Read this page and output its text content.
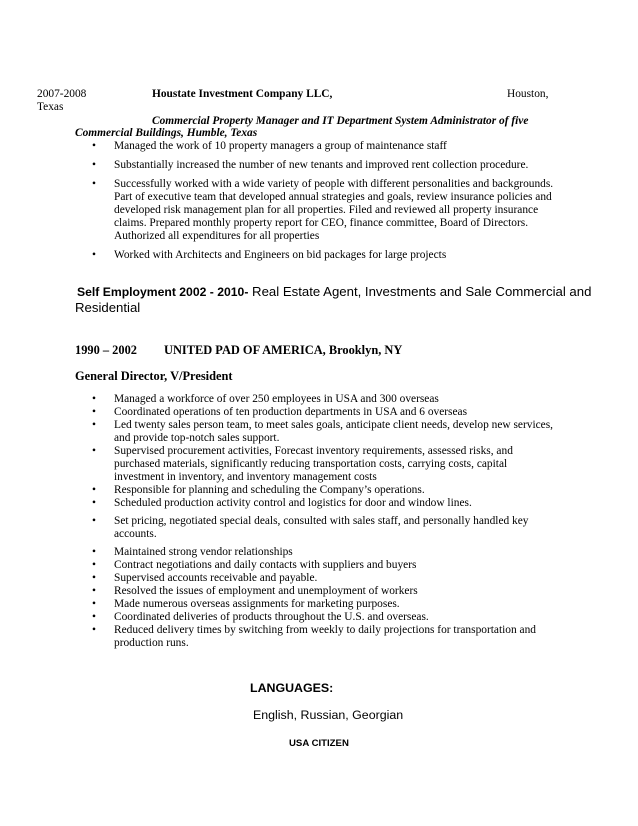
2007-2008	Houstate Investment Company LLC,	Houston,
Texas
Commercial Property Manager and IT Department System Administrator of five
Commercial Buildings, Humble, Texas
• Managed the work of 10 property managers a group of maintenance staff
• Substantially increased the number of new tenants and improved rent collection procedure.
• Successfully worked with a wide variety of people with different personalities and backgrounds. Part of executive team that developed annual strategies and goals, review insurance policies and developed risk management plan for all properties. Filed and reviewed all property insurance claims. Prepared monthly property report for CEO, finance committee, Board of Directors. Authorized all expenditures for all properties
• Worked with Architects and Engineers on bid packages for large projects
Self Employment 2002 - 2010- Real Estate Agent, Investments and Sale Commercial and
Residential
1990 – 2002 UNITED PAD OF AMERICA, Brooklyn, NY
General Director, V/President
• Managed a workforce of over 250 employees in USA and 300 overseas
• Coordinated operations of ten production departments in USA and 6 overseas
• Led twenty sales person team, to meet sales goals, anticipate client needs, develop new services, and provide top-notch sales support.
• Supervised procurement activities, Forecast inventory requirements, assessed risks, and purchased materials, significantly reducing transportation costs, carrying costs, capital investment in inventory, and inventory management costs
• Responsible for planning and scheduling the Company’s operations.
• Scheduled production activity control and logistics for door and window lines.
• Set pricing, negotiated special deals, consulted with sales staff, and personally handled key accounts.
• Maintained strong vendor relationships
• Contract negotiations and daily contacts with suppliers and buyers
• Supervised accounts receivable and payable.
• Resolved the issues of employment and unemployment of workers
• Made numerous overseas assignments for marketing purposes.
• Coordinated deliveries of products throughout the U.S. and overseas.
• Reduced delivery times by switching from weekly to daily projections for transportation and production runs.
LANGUAGES:
English, Russian, Georgian
USA CITIZEN
